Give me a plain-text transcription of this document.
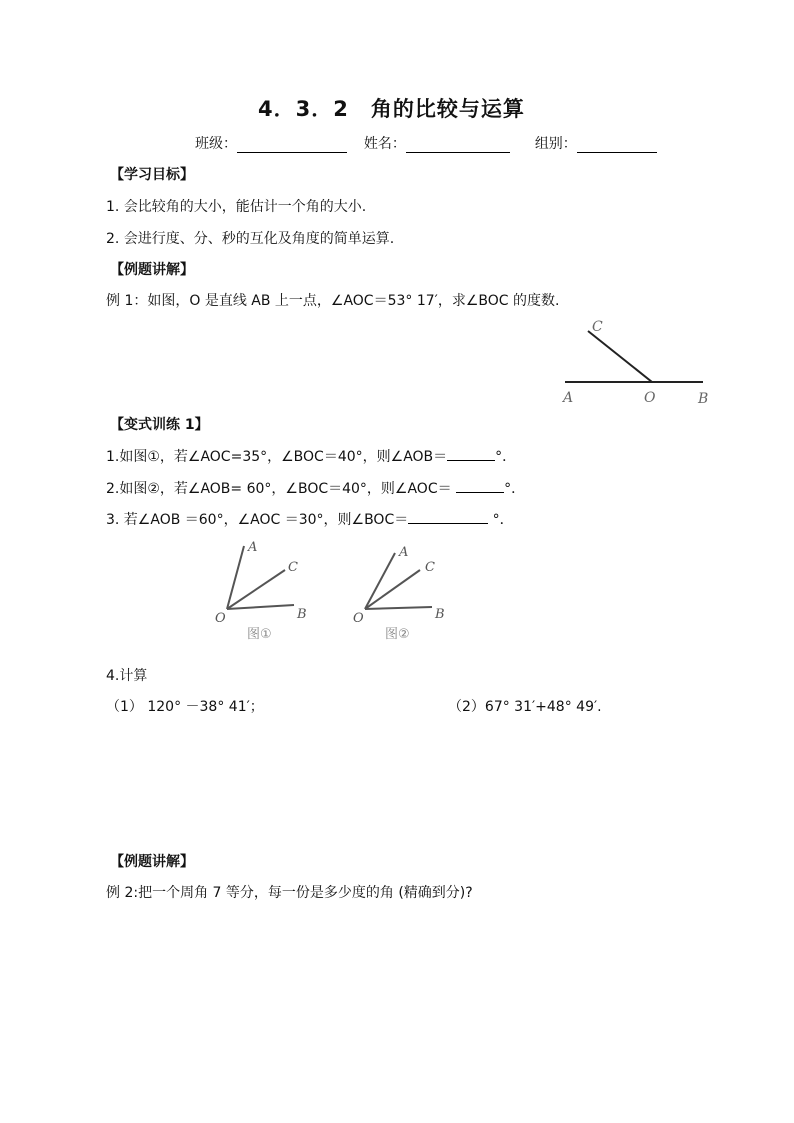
4．3．2　角的比较与运算
班级：	姓名：	组别：
【学习目标】
1. 会比较角的大小，能估计一个角的大小.
2. 会进行度、分、秒的互化及角度的简单运算.
【例题讲解】
例 1：如图，O 是直线 AB 上一点，∠AOC＝53° 17′，求∠BOC 的度数.
C
A	O	B
【变式训练 1】
1.如图①，若∠AOC=35°，∠BOC＝40°，则∠AOB＝	°．
2.如图②，若∠AOB= 60°，∠BOC＝40°，则∠AOC＝	°．
3. 若∠AOB ＝60°，∠AOC ＝30°，则∠BOC＝	°．
A
C
O	B
图①
A
C
O	B
图②
4.计算
（1） 120° －38° 41′；	（2）67° 31′+48° 49′.
【例题讲解】
例 2:把一个周角 7 等分，每一份是多少度的角 (精确到分)?
